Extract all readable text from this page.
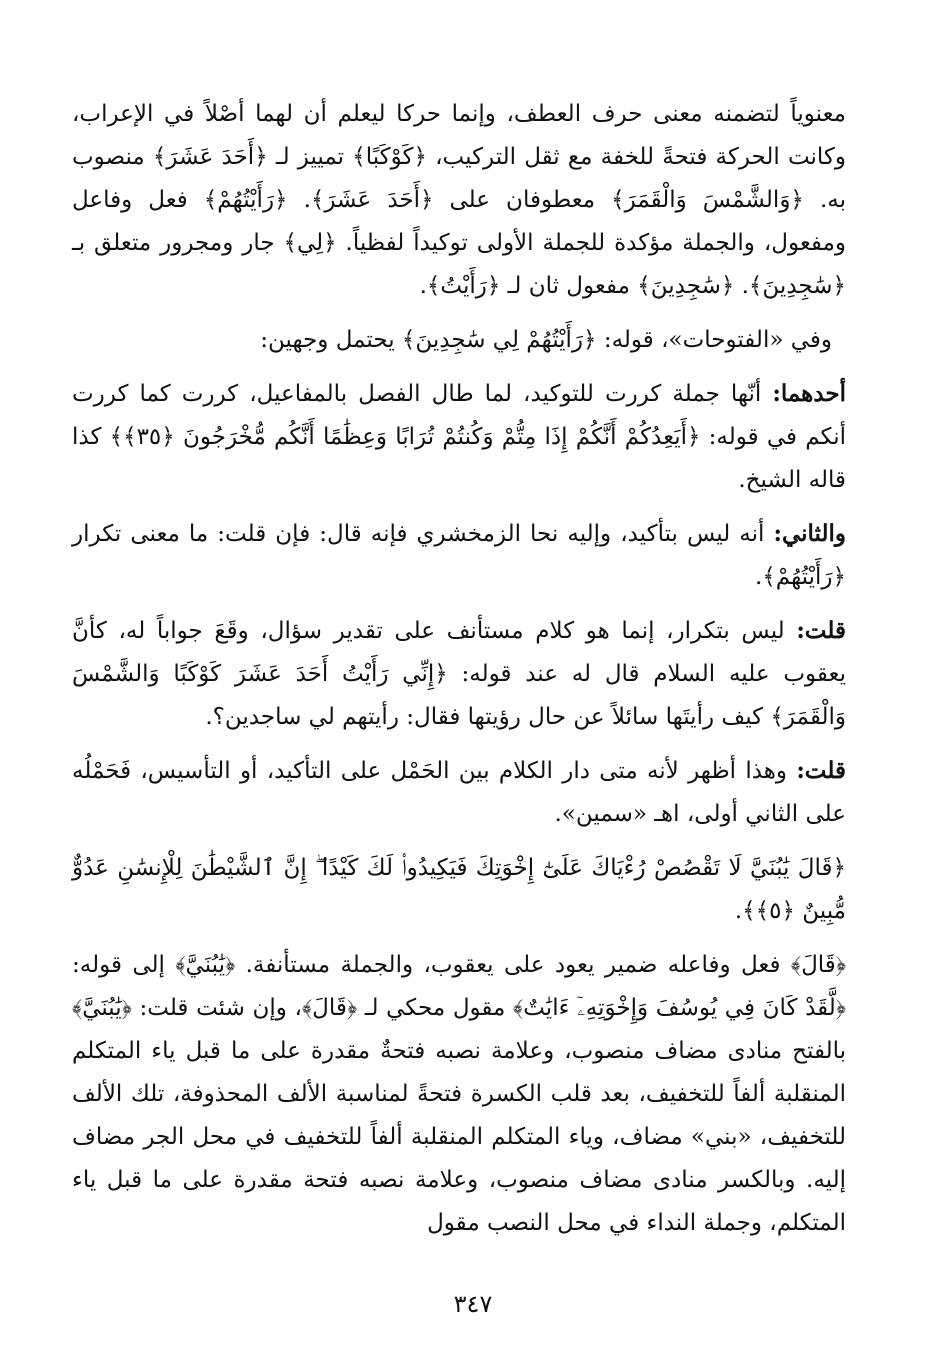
معنوياً لتضمنه معنى حرف العطف، وإنما حركا ليعلم أن لهما أصْلاً في الإعراب، وكانت الحركة فتحةً للخفة مع ثقل التركيب، ﴿كَوْكَبًا﴾ تمييز لـ ﴿أَحَدَ عَشَرَ﴾ منصوب به. ﴿وَالشَّمْسَ وَالْقَمَرَ﴾ معطوفان على ﴿أَحَدَ عَشَرَ﴾. ﴿رَأَيْتُهُمْ﴾ فعل وفاعل ومفعول، والجملة مؤكدة للجملة الأولى توكيداً لفظياً. ﴿لِي﴾ جار ومجرور متعلق بـ ﴿سَٰجِدِينَ﴾. ﴿سَٰجِدِينَ﴾ مفعول ثان لـ ﴿رَأَيْتُ﴾.

وفي «الفتوحات»، قوله: ﴿رَأَيْتُهُمْ لِي سَٰجِدِينَ﴾ يحتمل وجهين:

أحدهما: أنّها جملة كررت للتوكيد، لما طال الفصل بالمفاعيل، كررت كما كررت أنكم في قوله: ﴿أَيَعِدُكُمْ أَنَّكُمْ إِذَا مِتُّمْ وَكُنتُمْ تُرَابًا وَعِظَٰمًا أَنَّكُم مُّخْرَجُونَ ﴿٣٥﴾﴾ كذا قاله الشيخ.

والثاني: أنه ليس بتأكيد، وإليه نحا الزمخشري فإنه قال: فإن قلت: ما معنى تكرار ﴿رَأَيْتُهُمْ﴾.

قلت: ليس بتكرار، إنما هو كلام مستأنف على تقدير سؤال، وقَعَ جواباً له، كأنَّ يعقوب عليه السلام قال له عند قوله: ﴿إِنِّي رَأَيْتُ أَحَدَ عَشَرَ كَوْكَبًا وَالشَّمْسَ وَالْقَمَرَ﴾ كيف رأيتَها سائلاً عن حال رؤيتها فقال: رأيتهم لي ساجدين؟.

قلت: وهذا أظهر لأنه متى دار الكلام بين الحَمْل على التأكيد، أو التأسيس، فَحَمْلُه على الثاني أولى، اهـ «سمين».

﴿قَالَ يَٰبُنَيَّ لَا تَقْصُصْ رُءْيَاكَ عَلَىٰٓ إِخْوَتِكَ فَيَكِيدُوا۟ لَكَ كَيْدًا ۖ إِنَّ ٱلشَّيْطَٰنَ لِلْإِنسَٰنِ عَدُوٌّ مُّبِينٌ ﴿٥﴾﴾.

﴿قَالَ﴾ فعل وفاعله ضمير يعود على يعقوب، والجملة مستأنفة. ﴿يَٰبُنَيَّ﴾ إلى قوله: ﴿لَّقَدْ كَانَ فِي يُوسُفَ وَإِخْوَتِهِۦٓ ءَايَٰتٌ﴾ مقول محكي لـ ﴿قَالَ﴾، وإن شئت قلت: ﴿يَٰبُنَيَّ﴾ بالفتح منادى مضاف منصوب، وعلامة نصبه فتحةٌ مقدرة على ما قبل ياء المتكلم المنقلبة ألفاً للتخفيف، بعد قلب الكسرة فتحةً لمناسبة الألف المحذوفة، تلك الألف للتخفيف، «بني» مضاف، وياء المتكلم المنقلبة ألفاً للتخفيف في محل الجر مضاف إليه. وبالكسر منادى مضاف منصوب، وعلامة نصبه فتحة مقدرة على ما قبل ياء المتكلم، وجملة النداء في محل النصب مقول

٣٤٧
